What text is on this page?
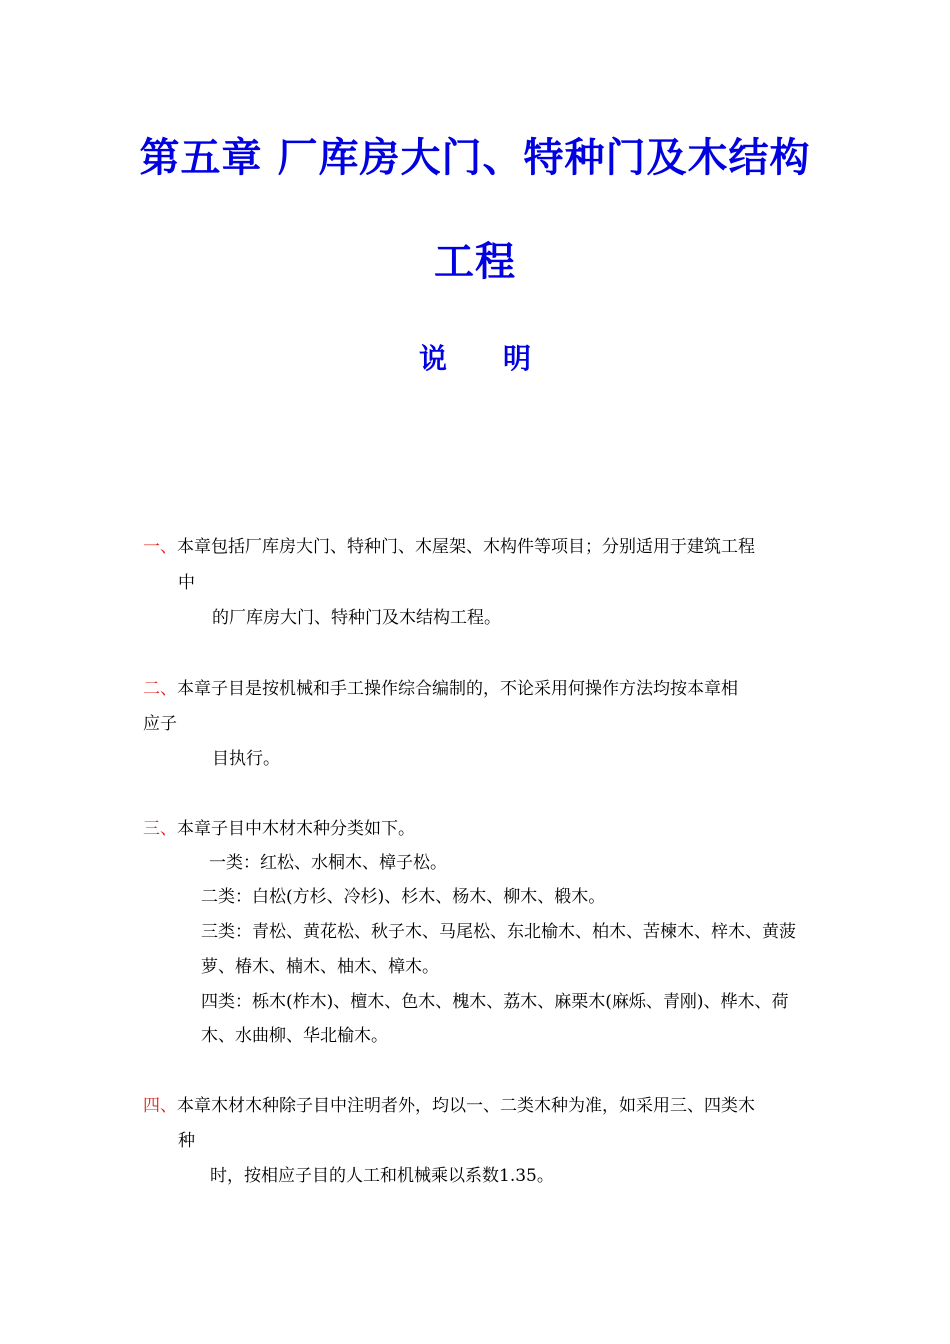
第五章 厂库房大门、特种门及木结构
工程
说 明
一、本章包括厂库房大门、特种门、木屋架、木构件等项目；分别适用于建筑工程
中
的厂库房大门、特种门及木结构工程。
二、本章子目是按机械和手工操作综合编制的，不论采用何操作方法均按本章相
应子
目执行。
三、本章子目中木材木种分类如下。
一类：红松、水桐木、樟子松。
二类：白松(方杉、冷杉)、杉木、杨木、柳木、椴木。
三类：青松、黄花松、秋子木、马尾松、东北榆木、柏木、苦楝木、梓木、黄菠
萝、椿木、楠木、柚木、樟木。
四类：栎木(柞木)、檀木、色木、槐木、荔木、麻栗木(麻烁、青刚)、桦木、荷
木、水曲柳、华北榆木。
四、本章木材木种除子目中注明者外，均以一、二类木种为准，如采用三、四类木
种
时，按相应子目的人工和机械乘以系数1.35。
